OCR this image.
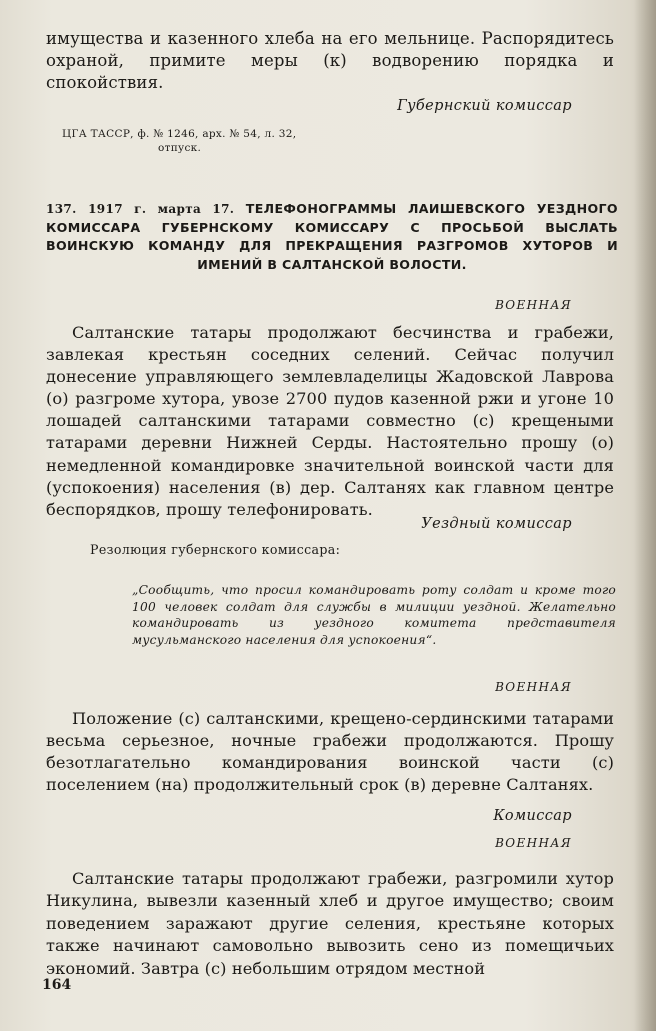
имущества и казенного хлеба на его мельнице. Распорядитесь охраной, примите меры (к) водворению порядка и спокойствия.
Губернский комиссар
ЦГА ТАССР, ф. № 1246, арх. № 54, л. 32,
отпуск.
137. 1917 г. марта 17. ТЕЛЕФОНОГРАММЫ ЛАИШЕВСКОГО УЕЗДНОГО КОМИССАРА ГУБЕРНСКОМУ КОМИССАРУ С ПРОСЬБОЙ ВЫСЛАТЬ ВОИНСКУЮ КОМАНДУ ДЛЯ ПРЕКРАЩЕНИЯ РАЗГРОМОВ ХУТОРОВ И ИМЕНИЙ В САЛТАНСКОЙ ВОЛОСТИ.
ВОЕННАЯ
Салтанские татары продолжают бесчинства и грабежи, завлекая крестьян соседних селений. Сейчас получил донесение управляющего землевладелицы Жадовской Лаврова (о) разгроме хутора, увозе 2700 пудов казенной ржи и угоне 10 лошадей салтанскими татарами совместно (с) крещеными татарами деревни Нижней Серды. Настоятельно прошу (о) немедленной командировке значительной воинской части для (успокоения) населения (в) дер. Салтанях как главном центре беспорядков, прошу телефонировать.
Уездный комиссар
Резолюция губернского комиссара:
„Сообщить, что просил командировать роту солдат и кроме того 100 человек солдат для службы в милиции уездной. Желательно командировать из уездного комитета представителя мусульманского населения для успокоения“.
ВОЕННАЯ
Положение (с) салтанскими, крещено-сердинскими татарами весьма серьезное, ночные грабежи продолжаются. Прошу безотлагательно командирования воинской части (с) поселением (на) продолжительный срок (в) деревне Салтанях.
Комиссар
ВОЕННАЯ
Салтанские татары продолжают грабежи, разгромили хутор Никулина, вывезли казенный хлеб и другое имущество; своим поведением заражают другие селения, крестьяне которых также начинают самовольно вывозить сено из помещичьих экономий. Завтра (с) небольшим отрядом местной
164
